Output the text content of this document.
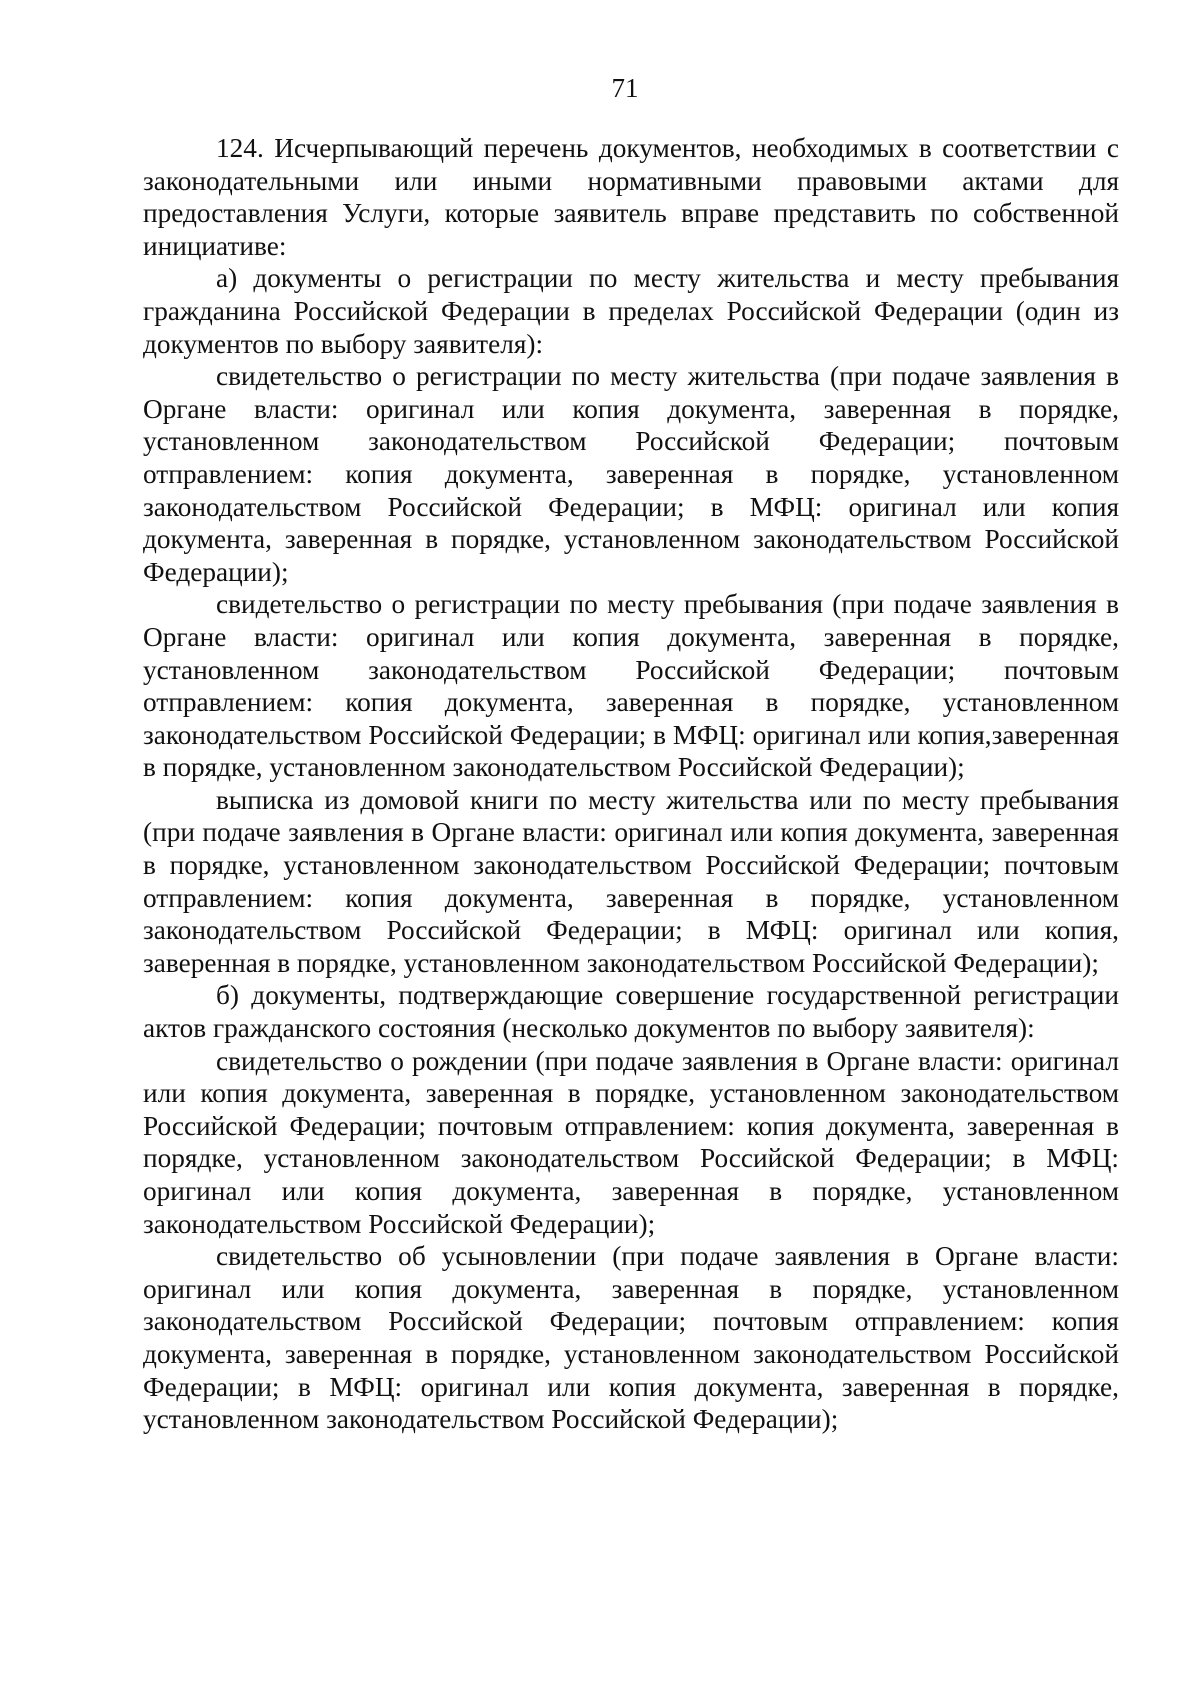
71

124. Исчерпывающий перечень документов, необходимых в соответствии с законодательными или иными нормативными правовыми актами для предоставления Услуги, которые заявитель вправе представить по собственной инициативе:

а) документы о регистрации по месту жительства и месту пребывания гражданина Российской Федерации в пределах Российской Федерации (один из документов по выбору заявителя):

свидетельство о регистрации по месту жительства (при подаче заявления в Органе власти: оригинал или копия документа, заверенная в порядке, установленном законодательством Российской Федерации; почтовым отправлением: копия документа, заверенная в порядке, установленном законодательством Российской Федерации; в МФЦ: оригинал или копия документа, заверенная в порядке, установленном законодательством Российской Федерации);

свидетельство о регистрации по месту пребывания (при подаче заявления в Органе власти: оригинал или копия документа, заверенная в порядке, установленном законодательством Российской Федерации; почтовым отправлением: копия документа, заверенная в порядке, установленном законодательством Российской Федерации; в МФЦ: оригинал или копия,заверенная в порядке, установленном законодательством Российской Федерации);

выписка из домовой книги по месту жительства или по месту пребывания (при подаче заявления в Органе власти: оригинал или копия документа, заверенная в порядке, установленном законодательством Российской Федерации; почтовым отправлением: копия документа, заверенная в порядке, установленном законодательством Российской Федерации; в МФЦ: оригинал или копия, заверенная в порядке, установленном законодательством Российской Федерации);

б) документы, подтверждающие совершение государственной регистрации актов гражданского состояния (несколько документов по выбору заявителя):

свидетельство о рождении (при подаче заявления в Органе власти: оригинал или копия документа, заверенная в порядке, установленном законодательством Российской Федерации; почтовым отправлением: копия документа, заверенная в порядке, установленном законодательством Российской Федерации; в МФЦ: оригинал или копия документа, заверенная в порядке, установленном законодательством Российской Федерации);

свидетельство об усыновлении (при подаче заявления в Органе власти: оригинал или копия документа, заверенная в порядке, установленном законодательством Российской Федерации; почтовым отправлением: копия документа, заверенная в порядке, установленном законодательством Российской Федерации; в МФЦ: оригинал или копия документа, заверенная в порядке, установленном законодательством Российской Федерации);
